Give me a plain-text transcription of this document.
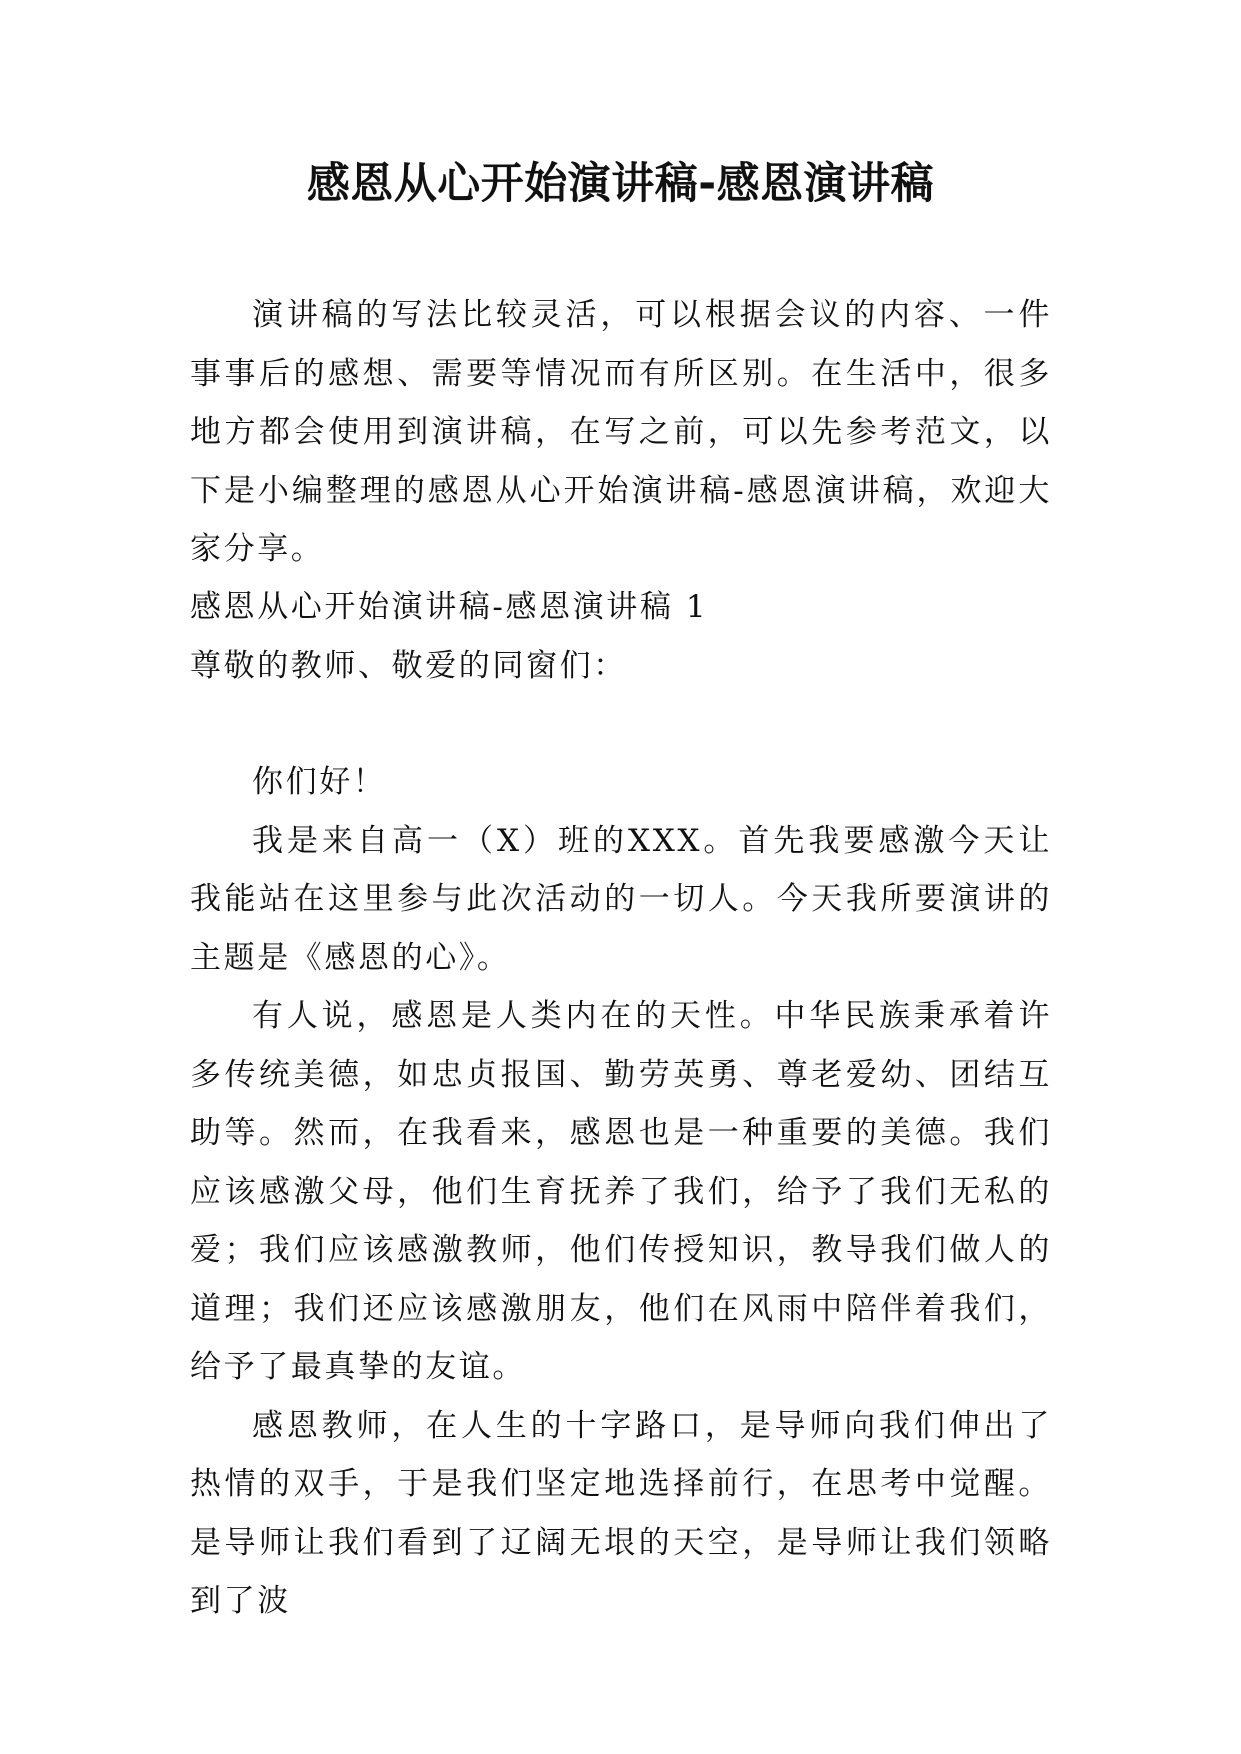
感恩从心开始演讲稿-感恩演讲稿

演讲稿的写法比较灵活，可以根据会议的内容、一件事事后的感想、需要等情况而有所区别。在生活中，很多地方都会使用到演讲稿，在写之前，可以先参考范文，以下是小编整理的感恩从心开始演讲稿-感恩演讲稿，欢迎大家分享。

感恩从心开始演讲稿-感恩演讲稿 1

尊敬的教师、敬爱的同窗们：

你们好！

我是来自高一（X）班的XXX。首先我要感激今天让我能站在这里参与此次活动的一切人。今天我所要演讲的主题是《感恩的心》。

有人说，感恩是人类内在的天性。中华民族秉承着许多传统美德，如忠贞报国、勤劳英勇、尊老爱幼、团结互助等。然而，在我看来，感恩也是一种重要的美德。我们应该感激父母，他们生育抚养了我们，给予了我们无私的爱；我们应该感激教师，他们传授知识，教导我们做人的道理；我们还应该感激朋友，他们在风雨中陪伴着我们，给予了最真挚的友谊。

感恩教师，在人生的十字路口，是导师向我们伸出了热情的双手，于是我们坚定地选择前行，在思考中觉醒。是导师让我们看到了辽阔无垠的天空，是导师让我们领略到了波
